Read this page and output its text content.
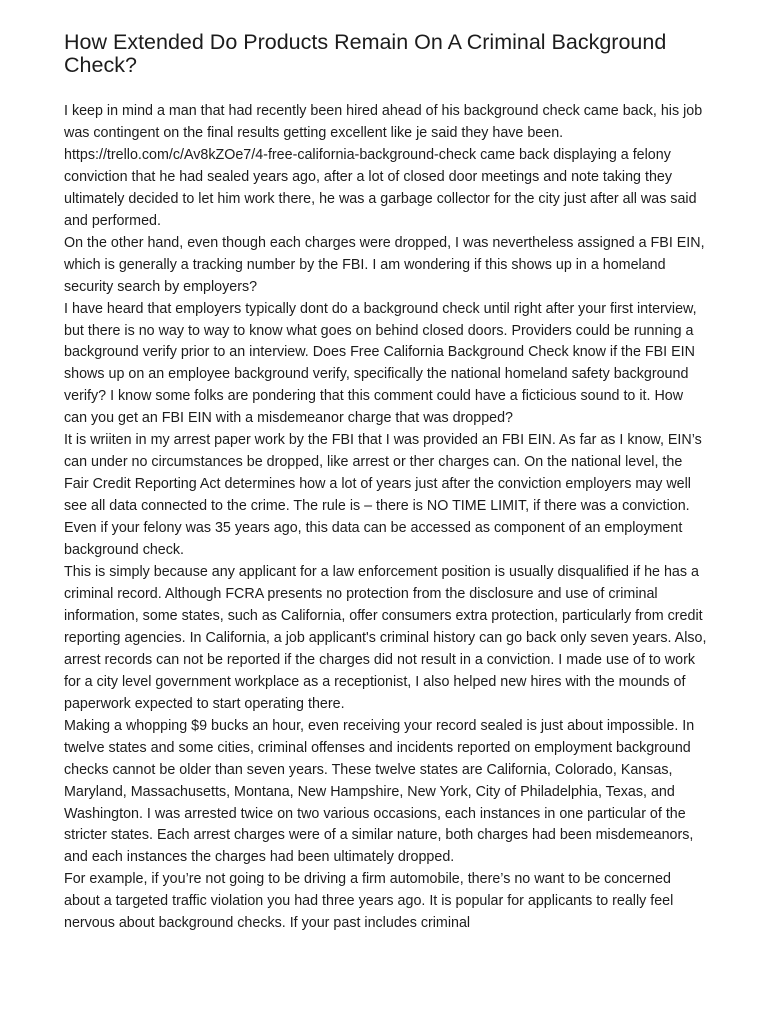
How Extended Do Products Remain On A Criminal Background Check?

I keep in mind a man that had recently been hired ahead of his background check came back, his job was contingent on the final results getting excellent like je said they have been. https://trello.com/c/Av8kZOe7/4-free-california-background-check came back displaying a felony conviction that he had sealed years ago, after a lot of closed door meetings and note taking they ultimately decided to let him work there, he was a garbage collector for the city just after all was said and performed.

On the other hand, even though each charges were dropped, I was nevertheless assigned a FBI EIN, which is generally a tracking number by the FBI. I am wondering if this shows up in a homeland security search by employers?

I have heard that employers typically dont do a background check until right after your first interview, but there is no way to way to know what goes on behind closed doors. Providers could be running a background verify prior to an interview. Does Free California Background Check know if the FBI EIN shows up on an employee background verify, specifically the national homeland safety background verify? I know some folks are pondering that this comment could have a ficticious sound to it. How can you get an FBI EIN with a misdemeanor charge that was dropped?

It is wriiten in my arrest paper work by the FBI that I was provided an FBI EIN. As far as I know, EIN’s can under no circumstances be dropped, like arrest or ther charges can. On the national level, the Fair Credit Reporting Act determines how a lot of years just after the conviction employers may well see all data connected to the crime. The rule is – there is NO TIME LIMIT, if there was a conviction. Even if your felony was 35 years ago, this data can be accessed as component of an employment background check.

This is simply because any applicant for a law enforcement position is usually disqualified if he has a criminal record. Although FCRA presents no protection from the disclosure and use of criminal information, some states, such as California, offer consumers extra protection, particularly from credit reporting agencies. In California, a job applicant's criminal history can go back only seven years. Also, arrest records can not be reported if the charges did not result in a conviction. I made use of to work for a city level government workplace as a receptionist, I also helped new hires with the mounds of paperwork expected to start operating there.

Making a whopping $9 bucks an hour, even receiving your record sealed is just about impossible. In twelve states and some cities, criminal offenses and incidents reported on employment background checks cannot be older than seven years. These twelve states are California, Colorado, Kansas, Maryland, Massachusetts, Montana, New Hampshire, New York, City of Philadelphia, Texas, and Washington. I was arrested twice on two various occasions, each instances in one particular of the stricter states. Each arrest charges were of a similar nature, both charges had been misdemeanors, and each instances the charges had been ultimately dropped.

For example, if you’re not going to be driving a firm automobile, there’s no want to be concerned about a targeted traffic violation you had three years ago. It is popular for applicants to really feel nervous about background checks. If your past includes criminal
